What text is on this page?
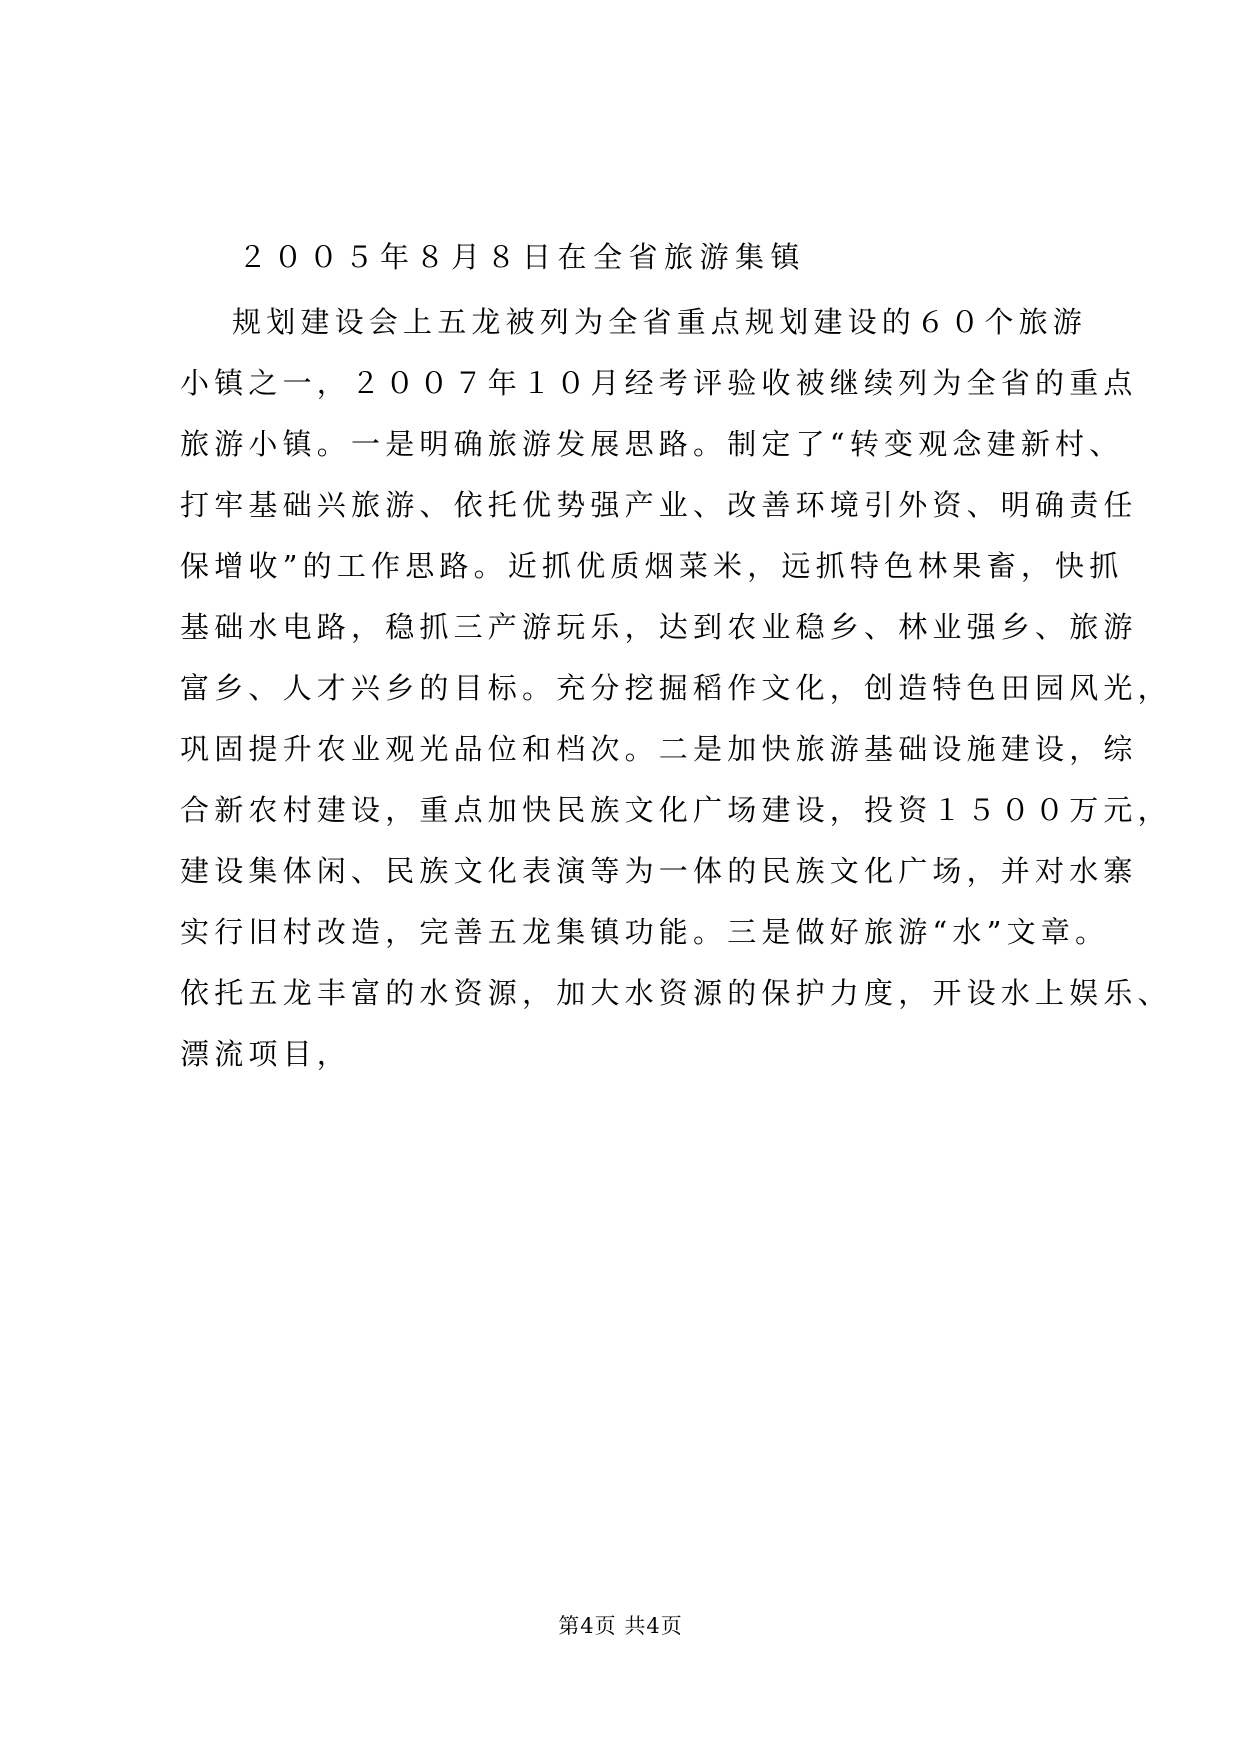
２００５年８月８日在全省旅游集镇
规划建设会上五龙被列为全省重点规划建设的６０个旅游
小镇之一，２００７年１０月经考评验收被继续列为全省的重点
旅游小镇。一是明确旅游发展思路。制定了“转变观念建新村、
打牢基础兴旅游、依托优势强产业、改善环境引外资、明确责任
保增收”的工作思路。近抓优质烟菜米，远抓特色林果畜，快抓
基础水电路，稳抓三产游玩乐，达到农业稳乡、林业强乡、旅游
富乡、人才兴乡的目标。充分挖掘稻作文化，创造特色田园风光，
巩固提升农业观光品位和档次。二是加快旅游基础设施建设，综
合新农村建设，重点加快民族文化广场建设，投资１５００万元，
建设集体闲、民族文化表演等为一体的民族文化广场，并对水寨
实行旧村改造，完善五龙集镇功能。三是做好旅游“水”文章。
依托五龙丰富的水资源，加大水资源的保护力度，开设水上娱乐、
漂流项目，
第4页 共4页
